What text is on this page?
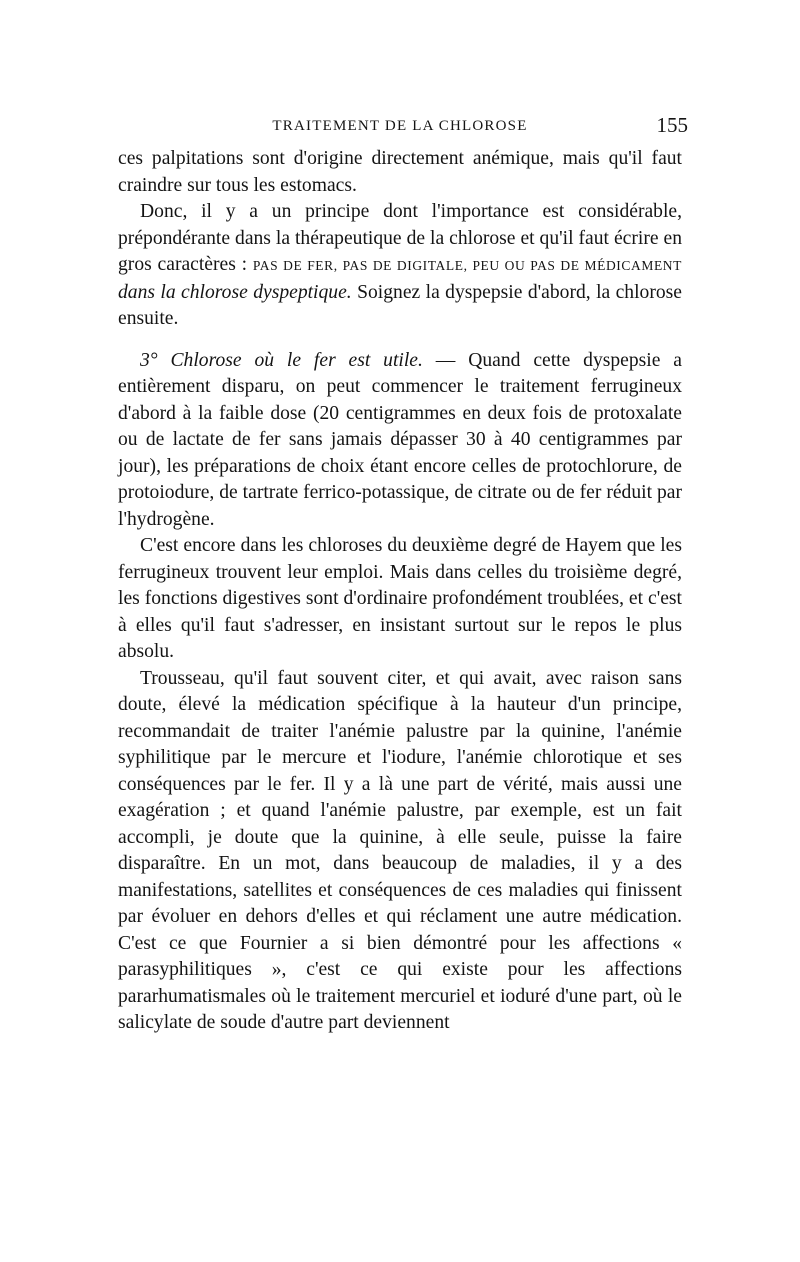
TRAITEMENT DE LA CHLOROSE	155

ces palpitations sont d'origine directement anémique, mais qu'il faut craindre sur tous les estomacs.

Donc, il y a un principe dont l'importance est considérable, prépondérante dans la thérapeutique de la chlorose et qu'il faut écrire en gros caractères : PAS DE FER, PAS DE DIGITALE, PEU OU PAS DE MÉDICAMENT dans la chlorose dyspeptique. Soignez la dyspepsie d'abord, la chlorose ensuite.

3° Chlorose où le fer est utile. — Quand cette dyspepsie a entièrement disparu, on peut commencer le traitement ferrugineux d'abord à la faible dose (20 centigrammes en deux fois de protoxalate ou de lactate de fer sans jamais dépasser 30 à 40 centigrammes par jour), les préparations de choix étant encore celles de protochlorure, de protoiodure, de tartrate ferrico-potassique, de citrate ou de fer réduit par l'hydrogène.

C'est encore dans les chloroses du deuxième degré de Hayem que les ferrugineux trouvent leur emploi. Mais dans celles du troisième degré, les fonctions digestives sont d'ordinaire profondément troublées, et c'est à elles qu'il faut s'adresser, en insistant surtout sur le repos le plus absolu.

Trousseau, qu'il faut souvent citer, et qui avait, avec raison sans doute, élevé la médication spécifique à la hauteur d'un principe, recommandait de traiter l'anémie palustre par la quinine, l'anémie syphilitique par le mercure et l'iodure, l'anémie chlorotique et ses conséquences par le fer. Il y a là une part de vérité, mais aussi une exagération ; et quand l'anémie palustre, par exemple, est un fait accompli, je doute que la quinine, à elle seule, puisse la faire disparaître. En un mot, dans beaucoup de maladies, il y a des manifestations, satellites et conséquences de ces maladies qui finissent par évoluer en dehors d'elles et qui réclament une autre médication. C'est ce que Fournier a si bien démontré pour les affections « parasyphilitiques », c'est ce qui existe pour les affections pararhumatismales où le traitement mercuriel et ioduré d'une part, où le salicylate de soude d'autre part deviennent
